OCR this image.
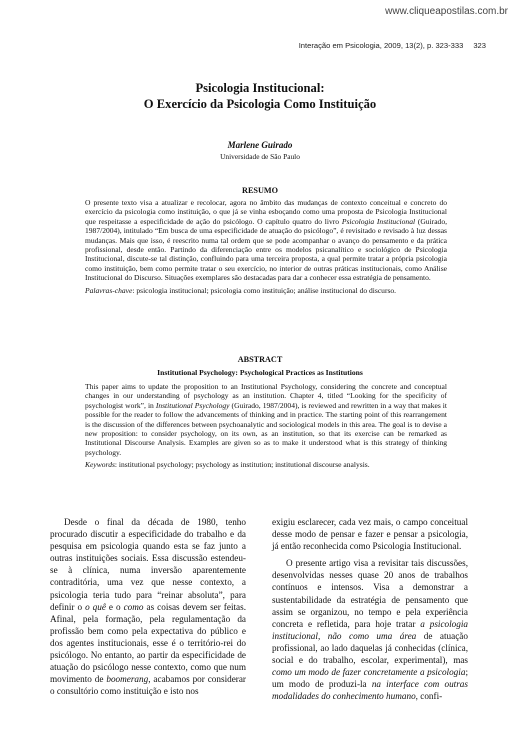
www.cliqueapostilas.com.br
Interação em Psicologia, 2009, 13(2), p. 323-333 323
Psicologia Institucional:
O Exercício da Psicologia Como Instituição
Marlene Guirado
Universidade de São Paulo
RESUMO

O presente texto visa a atualizar e recolocar, agora no âmbito das mudanças de contexto conceitual e concreto do exercício da psicologia como instituição, o que já se vinha esboçando como uma proposta de Psicologia Institucional que respeitasse a especificidade de ação do psicólogo. O capítulo quatro do livro Psicologia Institucional (Guirado, 1987/2004), intitulado “Em busca de uma especificidade de atuação do psicólogo”, é revisitado e revisado à luz dessas mudanças. Mais que isso, é reescrito numa tal ordem que se pode acompanhar o avanço do pensamento e da prática profissional, desde então. Partindo da diferenciação entre os modelos psicanalítico e sociológico de Psicologia Institucional, discute-se tal distinção, confluindo para uma terceira proposta, a qual permite tratar a própria psicologia como instituição, bem como permite tratar o seu exercício, no interior de outras práticas institucionais, como Análise Institucional do Discurso. Situações exemplares são destacadas para dar a conhecer essa estratégia de pensamento.

Palavras-chave: psicologia institucional; psicologia como instituição; análise institucional do discurso.

ABSTRACT
Institutional Psychology: Psychological Practices as Institutions

This paper aims to update the proposition to an Institutional Psychology, considering the concrete and conceptual changes in our understanding of psychology as an institution. Chapter 4, titled “Looking for the specificity of psychologist work”, in Institutional Psychology (Guirado, 1987/2004), is reviewed and rewritten in a way that makes it possible for the reader to follow the advancements of thinking and in practice. The starting point of this rearrangement is the discussion of the differences between psychoanalytic and sociological models in this area. The goal is to devise a new proposition: to consider psychology, on its own, as an institution, so that its exercise can be remarked as Institutional Discourse Analysis. Examples are given so as to make it understood what is this strategy of thinking psychology.

Keywords: institutional psychology; psychology as institution; institutional discourse analysis.

Desde o final da década de 1980, tenho procurado discutir a especificidade do trabalho e da pesquisa em psicologia quando esta se faz junto a outras instituições sociais. Essa discussão estendeu-se à clínica, numa inversão aparentemente contraditória, uma vez que nesse contexto, a psicologia teria tudo para “reinar absoluta”, para definir o o quê e o como as coisas devem ser feitas. Afinal, pela formação, pela regulamentação da profissão bem como pela expectativa do público e dos agentes institucionais, esse é o território-rei do psicólogo. No entanto, ao partir da especificidade de atuação do psicólogo nesse contexto, como que num movimento de boomerang, acabamos por considerar o consultório como instituição e isto nos

exigiu esclarecer, cada vez mais, o campo conceitual desse modo de pensar e fazer e pensar a psicologia, já então reconhecida como Psicologia Institucional.

O presente artigo visa a revisitar tais discussões, desenvolvidas nesses quase 20 anos de trabalhos contínuos e intensos. Visa a demonstrar a sustentabilidade da estratégia de pensamento que assim se organizou, no tempo e pela experiência concreta e refletida, para hoje tratar a psicologia institucional, não como uma área de atuação profissional, ao lado daquelas já conhecidas (clínica, social e do trabalho, escolar, experimental), mas como um modo de fazer concretamente a psicologia; um modo de produzi-la na interface com outras modalidades do conhecimento humano, confi-
